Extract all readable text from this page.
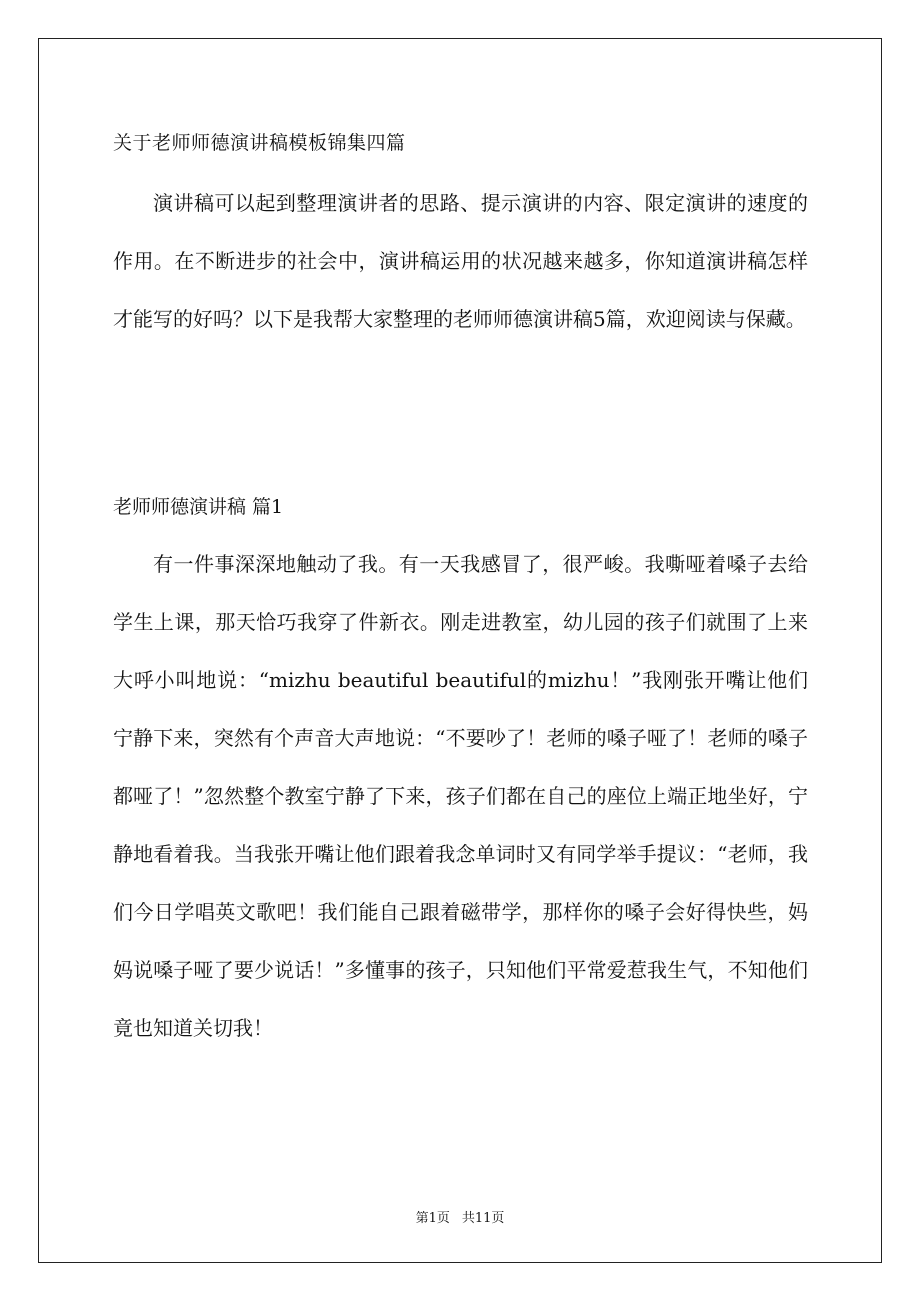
关于老师师德演讲稿模板锦集四篇

演讲稿可以起到整理演讲者的思路、提示演讲的内容、限定演讲的速度的作用。在不断进步的社会中，演讲稿运用的状况越来越多，你知道演讲稿怎样才能写的好吗？以下是我帮大家整理的老师师德演讲稿5篇，欢迎阅读与保藏。

老师师德演讲稿 篇1

有一件事深深地触动了我。有一天我感冒了，很严峻。我嘶哑着嗓子去给学生上课，那天恰巧我穿了件新衣。刚走进教室，幼儿园的孩子们就围了上来大呼小叫地说：“mizhu beautiful beautiful的mizhu！”我刚张开嘴让他们宁静下来，突然有个声音大声地说：“不要吵了！老师的嗓子哑了！老师的嗓子都哑了！”忽然整个教室宁静了下来，孩子们都在自己的座位上端正地坐好，宁静地看着我。当我张开嘴让他们跟着我念单词时又有同学举手提议：“老师，我们今日学唱英文歌吧！我们能自己跟着磁带学，那样你的嗓子会好得快些，妈妈说嗓子哑了要少说话！”多懂事的孩子，只知他们平常爱惹我生气，不知他们竟也知道关切我！

第1页 共11页
